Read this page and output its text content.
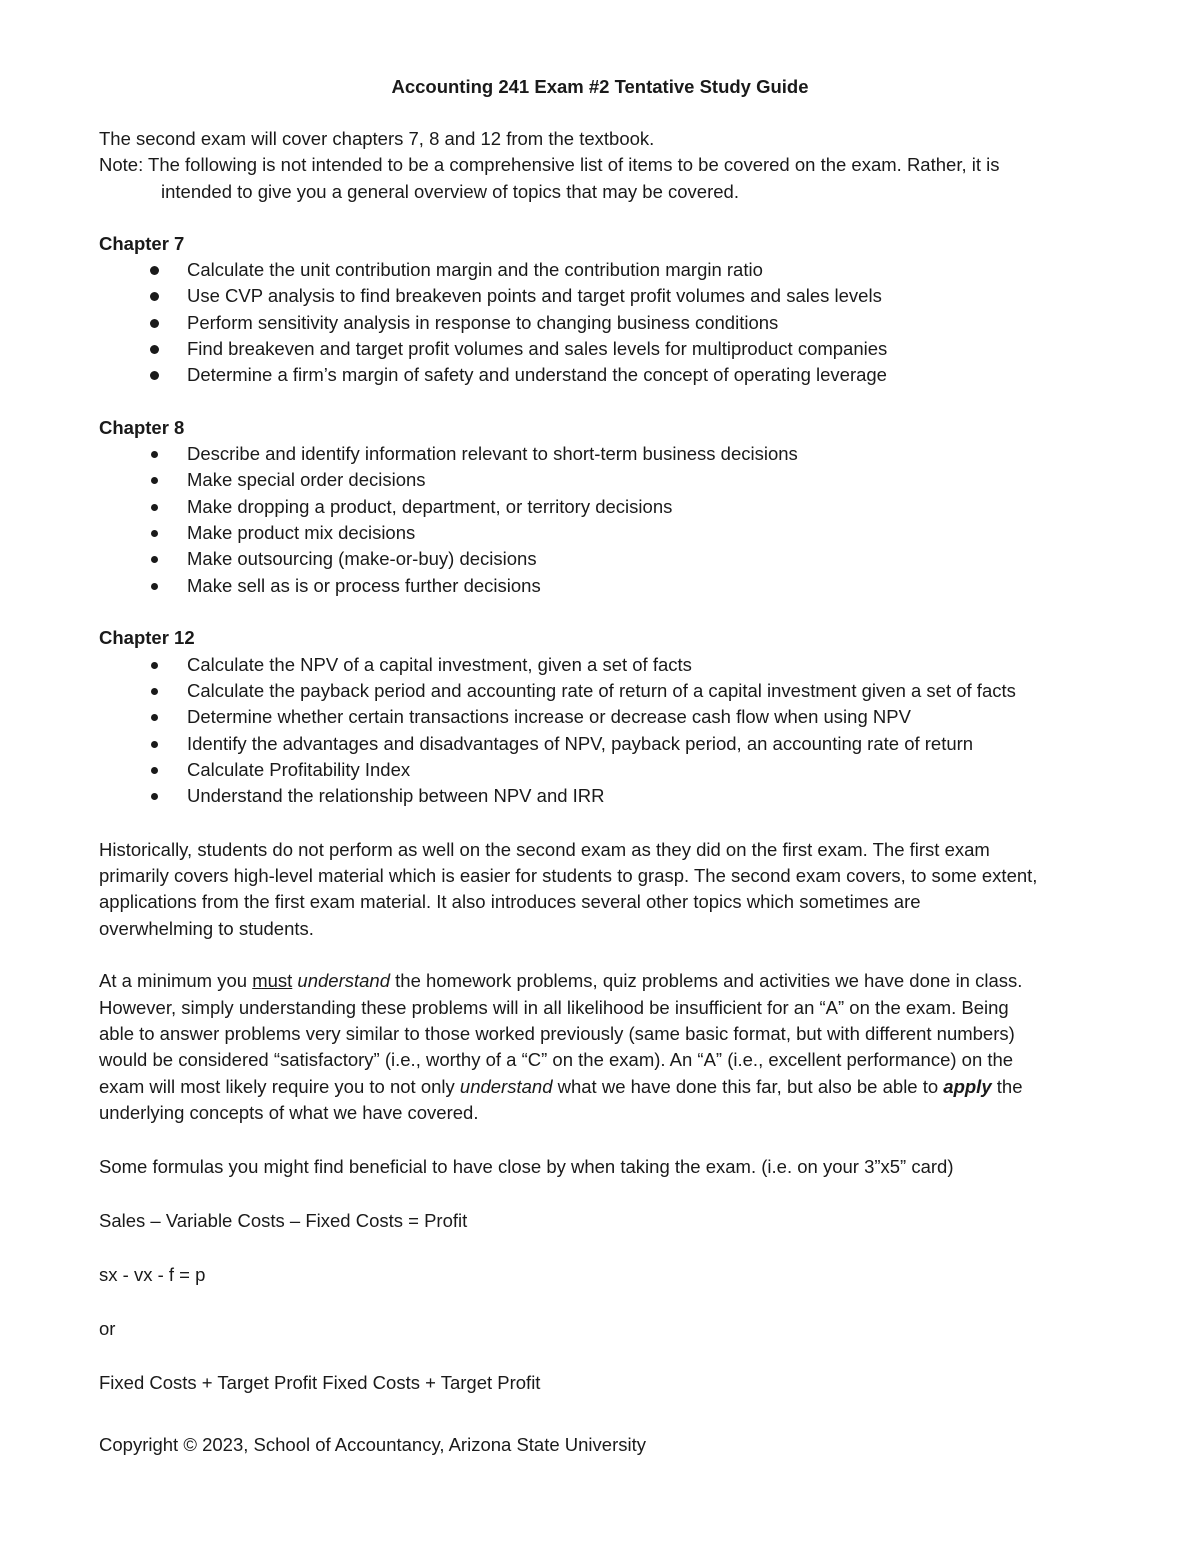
Accounting 241 Exam #2 Tentative Study Guide
The second exam will cover chapters 7, 8 and 12 from the textbook.
Note: The following is not intended to be a comprehensive list of items to be covered on the exam. Rather, it is
intended to give you a general overview of topics that may be covered.
Chapter 7
Calculate the unit contribution margin and the contribution margin ratio
Use CVP analysis to find breakeven points and target profit volumes and sales levels
Perform sensitivity analysis in response to changing business conditions
Find breakeven and target profit volumes and sales levels for multiproduct companies
Determine a firm’s margin of safety and understand the concept of operating leverage
Chapter 8
Describe and identify information relevant to short-term business decisions
Make special order decisions
Make dropping a product, department, or territory decisions
Make product mix decisions
Make outsourcing (make-or-buy) decisions
Make sell as is or process further decisions
Chapter 12
Calculate the NPV of a capital investment, given a set of facts
Calculate the payback period and accounting rate of return of a capital investment given a set of facts
Determine whether certain transactions increase or decrease cash flow when using NPV
Identify the advantages and disadvantages of NPV, payback period, an accounting rate of return
Calculate Profitability Index
Understand the relationship between NPV and IRR
Historically, students do not perform as well on the second exam as they did on the first exam. The first exam
primarily covers high-level material which is easier for students to grasp. The second exam covers, to some extent,
applications from the first exam material. It also introduces several other topics which sometimes are
overwhelming to students.
At a minimum you must understand the homework problems, quiz problems and activities we have done in class.
However, simply understanding these problems will in all likelihood be insufficient for an “A” on the exam. Being
able to answer problems very similar to those worked previously (same basic format, but with different numbers)
would be considered “satisfactory” (i.e., worthy of a “C” on the exam). An “A” (i.e., excellent performance) on the
exam will most likely require you to not only understand what we have done this far, but also be able to apply the
underlying concepts of what we have covered.
Some formulas you might find beneficial to have close by when taking the exam. (i.e. on your 3”x5” card)
Sales – Variable Costs – Fixed Costs = Profit
sx - vx - f = p
or
Fixed Costs + Target Profit Fixed Costs + Target Profit
Copyright © 2023, School of Accountancy, Arizona State University
